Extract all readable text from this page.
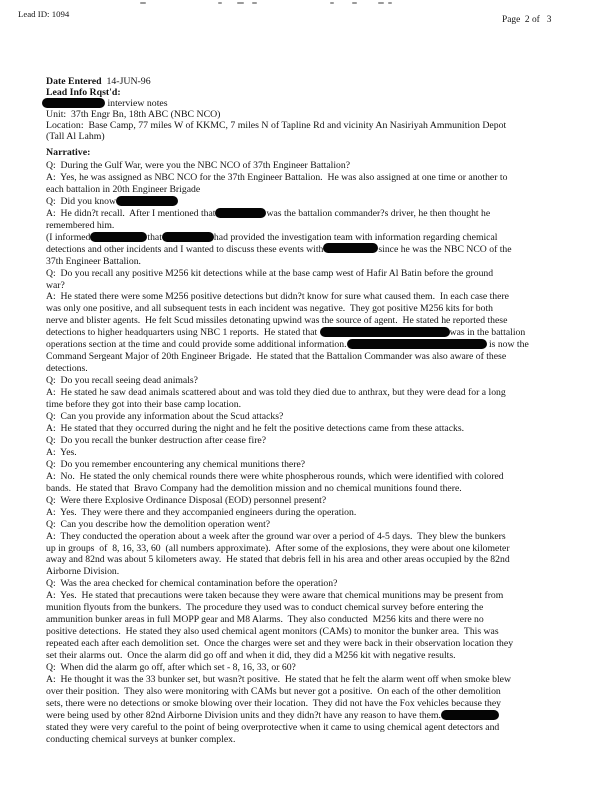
Lead ID: 1094
Page  2 of   3
Date Entered  14-JUN-96
Lead Info Rqst'd:
interview notes
Unit:  37th Engr Bn, 18th ABC (NBC NCO)
Location:  Base Camp, 77 miles W of KKMC, 7 miles N of Tapline Rd and vicinity An Nasiriyah Ammunition Depot
(Tall Al Lahm)
Narrative:
Q:  During the Gulf War, were you the NBC NCO of 37th Engineer Battalion?
A:  Yes, he was assigned as NBC NCO for the 37th Engineer Battalion.  He was also assigned at one time or another to
each battalion in 20th Engineer Brigade
Q:  Did you know
A:  He didn?t recall.  After I mentioned that	was the battalion commander?s driver, he then thought he
remembered him.
(I informed	that	had provided the investigation team with information regarding chemical
detections and other incidents and I wanted to discuss these events with	since he was the NBC NCO of the
37th Engineer Battalion.
Q:  Do you recall any positive M256 kit detections while at the base camp west of Hafir Al Batin before the ground
war?
A:  He stated there were some M256 positive detections but didn?t know for sure what caused them.  In each case there
was only one positive, and all subsequent tests in each incident was negative.  They got positive M256 kits for both
nerve and blister agents.  He felt Scud missiles detonating upwind was the source of agent.  He stated he reported these
detections to higher headquarters using NBC 1 reports.  He stated that	was in the battalion
operations section at the time and could provide some additional information.	is now the
Command Sergeant Major of 20th Engineer Brigade.  He stated that the Battalion Commander was also aware of these
detections.
Q:  Do you recall seeing dead animals?
A:  He stated he saw dead animals scattered about and was told they died due to anthrax, but they were dead for a long
time before they got into their base camp location.
Q:  Can you provide any information about the Scud attacks?
A:  He stated that they occurred during the night and he felt the positive detections came from these attacks.
Q:  Do you recall the bunker destruction after cease fire?
A:  Yes.
Q:  Do you remember encountering any chemical munitions there?
A:  No.  He stated the only chemical rounds there were white phospherous rounds, which were identified with colored
bands.  He stated that  Bravo Company had the demolition mission and no chemical munitions found there.
Q:  Were there Explosive Ordinance Disposal (EOD) personnel present?
A:  Yes.  They were there and they accompanied engineers during the operation.
Q:  Can you describe how the demolition operation went?
A:  They conducted the operation about a week after the ground war over a period of 4-5 days.  They blew the bunkers
up in groups  of  8, 16, 33, 60  (all numbers approximate).  After some of the explosions, they were about one kilometer
away and 82nd was about 5 kilometers away.  He stated that debris fell in his area and other areas occupied by the 82nd
Airborne Division.
Q:  Was the area checked for chemical contamination before the operation?
A:  Yes.  He stated that precautions were taken because they were aware that chemical munitions may be present from
munition flyouts from the bunkers.  The procedure they used was to conduct chemical survey before entering the
ammunition bunker areas in full MOPP gear and M8 Alarms.  They also conducted  M256 kits and there were no
positive detections.  He stated they also used chemical agent monitors (CAMs) to monitor the bunker area.  This was
repeated each after each demolition set.  Once the charges were set and they were back in their observation location they
set their alarms out.  Once the alarm did go off and when it did, they did a M256 kit with negative results.
Q:  When did the alarm go off, after which set - 8, 16, 33, or 60?
A:  He thought it was the 33 bunker set, but wasn?t positive.  He stated that he felt the alarm went off when smoke blew
over their position.  They also were monitoring with CAMs but never got a positive.  On each of the other demolition
sets, there were no detections or smoke blowing over their location.  They did not have the Fox vehicles because they
were being used by other 82nd Airborne Division units and they didn?t have any reason to have them.
stated they were very careful to the point of being overprotective when it came to using chemical agent detectors and
conducting chemical surveys at bunker complex.
